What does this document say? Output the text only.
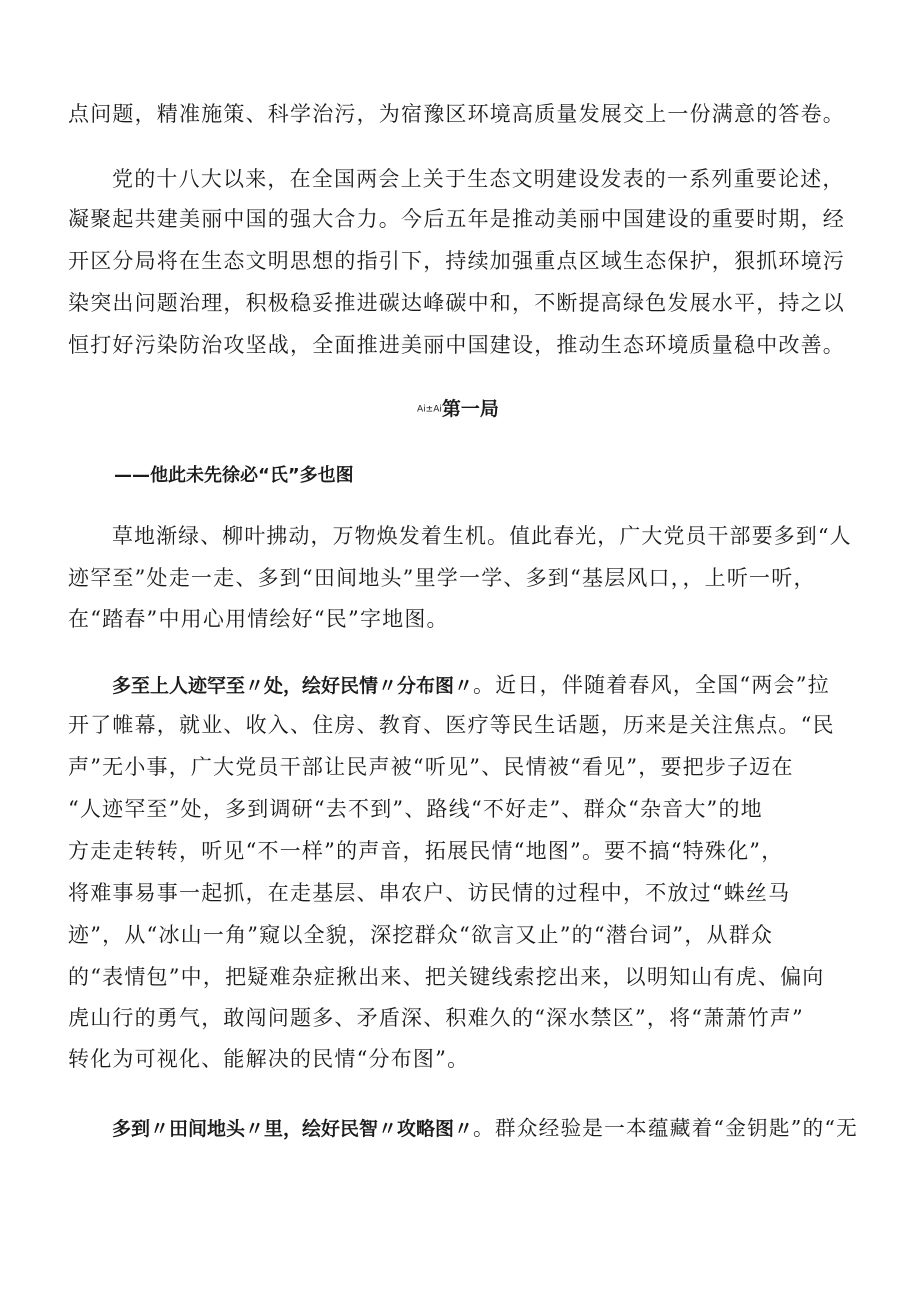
点问题，精准施策、科学治污，为宿豫区环境高质量发展交上一份满意的答卷。
党的十八大以来，在全国两会上关于生态文明建设发表的一系列重要论述，
凝聚起共建美丽中国的强大合力。今后五年是推动美丽中国建设的重要时期，经
开区分局将在生态文明思想的指引下，持续加强重点区域生态保护，狠抓环境污
染突出问题治理，积极稳妥推进碳达峰碳中和，不断提高绿色发展水平，持之以
恒打好污染防治攻坚战，全面推进美丽中国建设，推动生态环境质量稳中改善。
Ai±Ai第一局
——他此未先徐必“氏”多也图
草地渐绿、柳叶拂动，万物焕发着生机。值此春光，广大党员干部要多到“人
迹罕至”处走一走、多到“田间地头”里学一学、多到“基层风口，，上听一听，
在“踏春”中用心用情绘好“民”字地图。
多至上人迹罕至〃处，绘好民情〃分布图〃。近日，伴随着春风，全国“两会”拉
开了帷幕，就业、收入、住房、教育、医疗等民生话题，历来是关注焦点。“民
声”无小事，广大党员干部让民声被“听见”、民情被“看见”，要把步子迈在
“人迹罕至”处，多到调研“去不到”、路线“不好走”、群众“杂音大”的地
方走走转转，听见“不一样”的声音，拓展民情“地图”。要不搞“特殊化”，
将难事易事一起抓，在走基层、串农户、访民情的过程中，不放过“蛛丝马
迹”，从“冰山一角”窥以全貌，深挖群众“欲言又止”的“潜台词”，从群众
的“表情包”中，把疑难杂症揪出来、把关键线索挖出来，以明知山有虎、偏向
虎山行的勇气，敢闯问题多、矛盾深、积难久的“深水禁区”，将“萧萧竹声”
转化为可视化、能解决的民情“分布图”。
多到〃田间地头〃里，绘好民智〃攻略图〃。群众经验是一本蕴藏着“金钥匙”的“无
